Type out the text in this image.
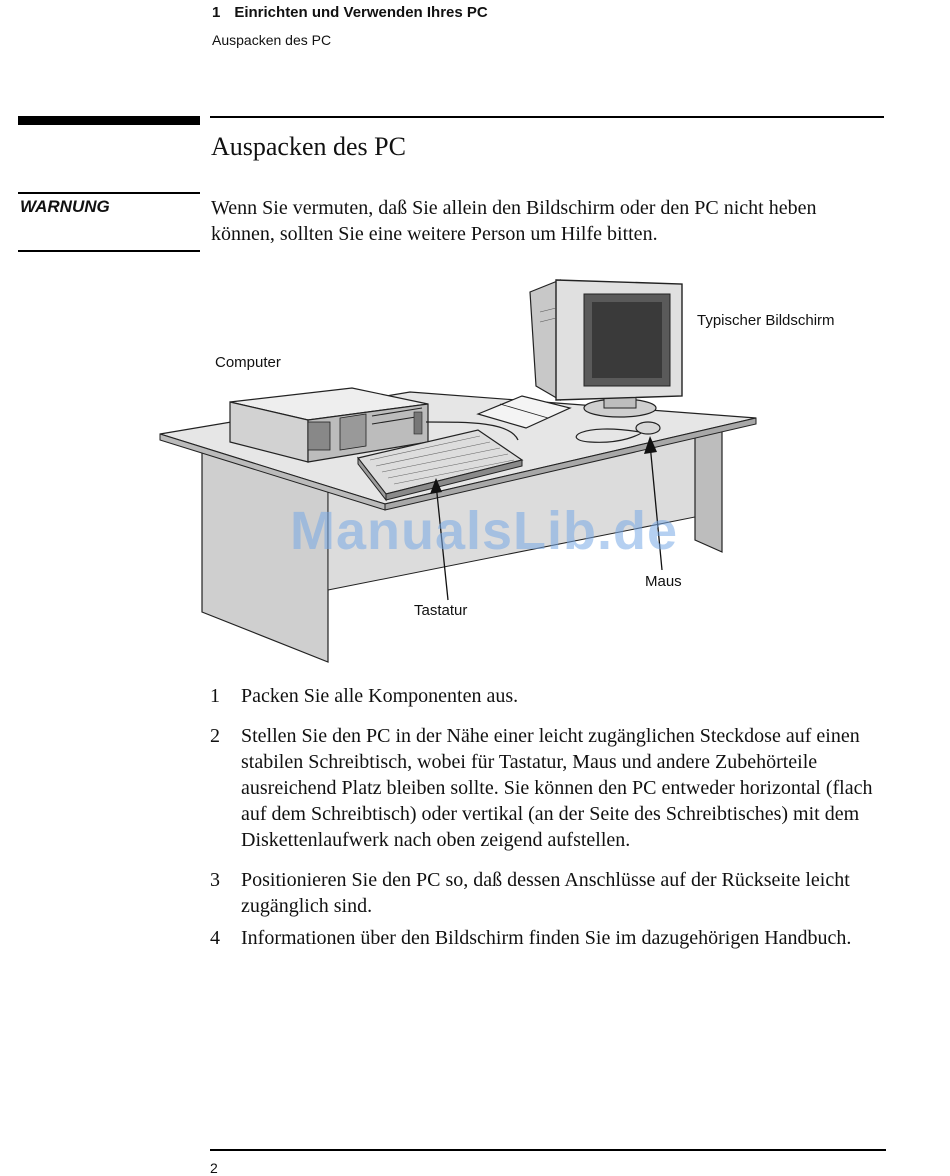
1 Einrichten und Verwenden Ihres PC
Auspacken des PC
Auspacken des PC
WARNUNG	Wenn Sie vermuten, daß Sie allein den Bildschirm oder den PC nicht heben können, sollten Sie eine weitere Person um Hilfe bitten.
Computer
Typischer Bildschirm
Maus
Tastatur
ManualsLib.de
1 Packen Sie alle Komponenten aus.
2 Stellen Sie den PC in der Nähe einer leicht zugänglichen Steckdose auf einen stabilen Schreibtisch, wobei für Tastatur, Maus und andere Zubehörteile ausreichend Platz bleiben sollte. Sie können den PC entweder horizontal (flach auf dem Schreibtisch) oder vertikal (an der Seite des Schreibtisches) mit dem Diskettenlaufwerk nach oben zeigend aufstellen.
3 Positionieren Sie den PC so, daß dessen Anschlüsse auf der Rückseite leicht zugänglich sind.
4 Informationen über den Bildschirm finden Sie im dazugehörigen Handbuch.
2
